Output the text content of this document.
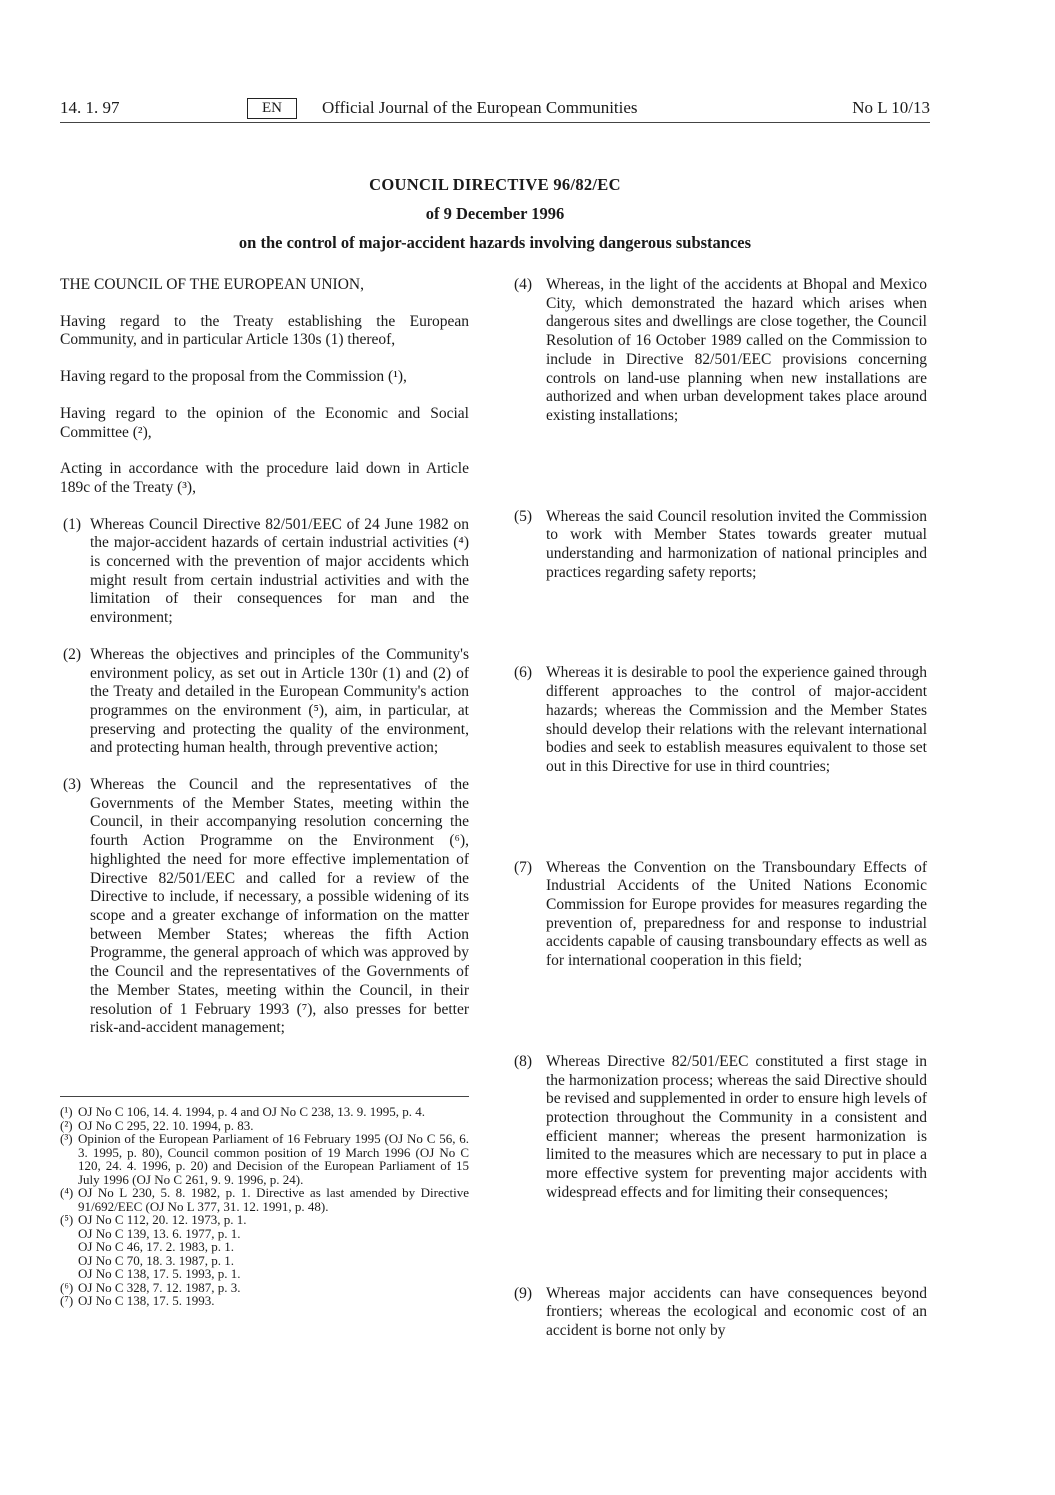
14. 1. 97	EN	Official Journal of the European Communities	No L 10/13
COUNCIL DIRECTIVE 96/82/EC
of 9 December 1996
on the control of major-accident hazards involving dangerous substances

THE COUNCIL OF THE EUROPEAN UNION,

Having regard to the Treaty establishing the European Community, and in particular Article 130s (1) thereof,

Having regard to the proposal from the Commission (¹),

Having regard to the opinion of the Economic and Social Committee (²),

Acting in accordance with the procedure laid down in Article 189c of the Treaty (³),

(1) Whereas Council Directive 82/501/EEC of 24 June 1982 on the major-accident hazards of certain industrial activities (⁴) is concerned with the prevention of major accidents which might result from certain industrial activities and with the limitation of their consequences for man and the environment;
(2) Whereas the objectives and principles of the Community's environment policy, as set out in Article 130r (1) and (2) of the Treaty and detailed in the European Community's action programmes on the environment (⁵), aim, in particular, at preserving and protecting the quality of the environment, and protecting human health, through preventive action;
(3) Whereas the Council and the representatives of the Governments of the Member States, meeting within the Council, in their accompanying resolution concerning the fourth Action Programme on the Environment (⁶), highlighted the need for more effective implementation of Directive 82/501/EEC and called for a review of the Directive to include, if necessary, a possible widening of its scope and a greater exchange of information on the matter between Member States; whereas the fifth Action Programme, the general approach of which was approved by the Council and the representatives of the Governments of the Member States, meeting within the Council, in their resolution of 1 February 1993 (⁷), also presses for better risk-and-accident management;
(¹) OJ No C 106, 14. 4. 1994, p. 4 and OJ No C 238, 13. 9. 1995, p. 4.
(²) OJ No C 295, 22. 10. 1994, p. 83.
(³) Opinion of the European Parliament of 16 February 1995 (OJ No C 56, 6. 3. 1995, p. 80), Council common position of 19 March 1996 (OJ No C 120, 24. 4. 1996, p. 20) and Decision of the European Parliament of 15 July 1996 (OJ No C 261, 9. 9. 1996, p. 24).
(⁴) OJ No L 230, 5. 8. 1982, p. 1. Directive as last amended by Directive 91/692/EEC (OJ No L 377, 31. 12. 1991, p. 48).
(⁵) OJ No C 112, 20. 12. 1973, p. 1.
OJ No C 139, 13. 6. 1977, p. 1.
OJ No C 46, 17. 2. 1983, p. 1.
OJ No C 70, 18. 3. 1987, p. 1.
OJ No C 138, 17. 5. 1993, p. 1.
(⁶) OJ No C 328, 7. 12. 1987, p. 3.
(⁷) OJ No C 138, 17. 5. 1993.
(4) Whereas, in the light of the accidents at Bhopal and Mexico City, which demonstrated the hazard which arises when dangerous sites and dwellings are close together, the Council Resolution of 16 October 1989 called on the Commission to include in Directive 82/501/EEC provisions concerning controls on land-use planning when new installations are authorized and when urban development takes place around existing installations;
(5) Whereas the said Council resolution invited the Commission to work with Member States towards greater mutual understanding and harmonization of national principles and practices regarding safety reports;
(6) Whereas it is desirable to pool the experience gained through different approaches to the control of major-accident hazards; whereas the Commission and the Member States should develop their relations with the relevant international bodies and seek to establish measures equivalent to those set out in this Directive for use in third countries;
(7) Whereas the Convention on the Transboundary Effects of Industrial Accidents of the United Nations Economic Commission for Europe provides for measures regarding the prevention of, preparedness for and response to industrial accidents capable of causing transboundary effects as well as for international cooperation in this field;
(8) Whereas Directive 82/501/EEC constituted a first stage in the harmonization process; whereas the said Directive should be revised and supplemented in order to ensure high levels of protection throughout the Community in a consistent and efficient manner; whereas the present harmonization is limited to the measures which are necessary to put in place a more effective system for preventing major accidents with widespread effects and for limiting their consequences;
(9) Whereas major accidents can have consequences beyond frontiers; whereas the ecological and economic cost of an accident is borne not only by
